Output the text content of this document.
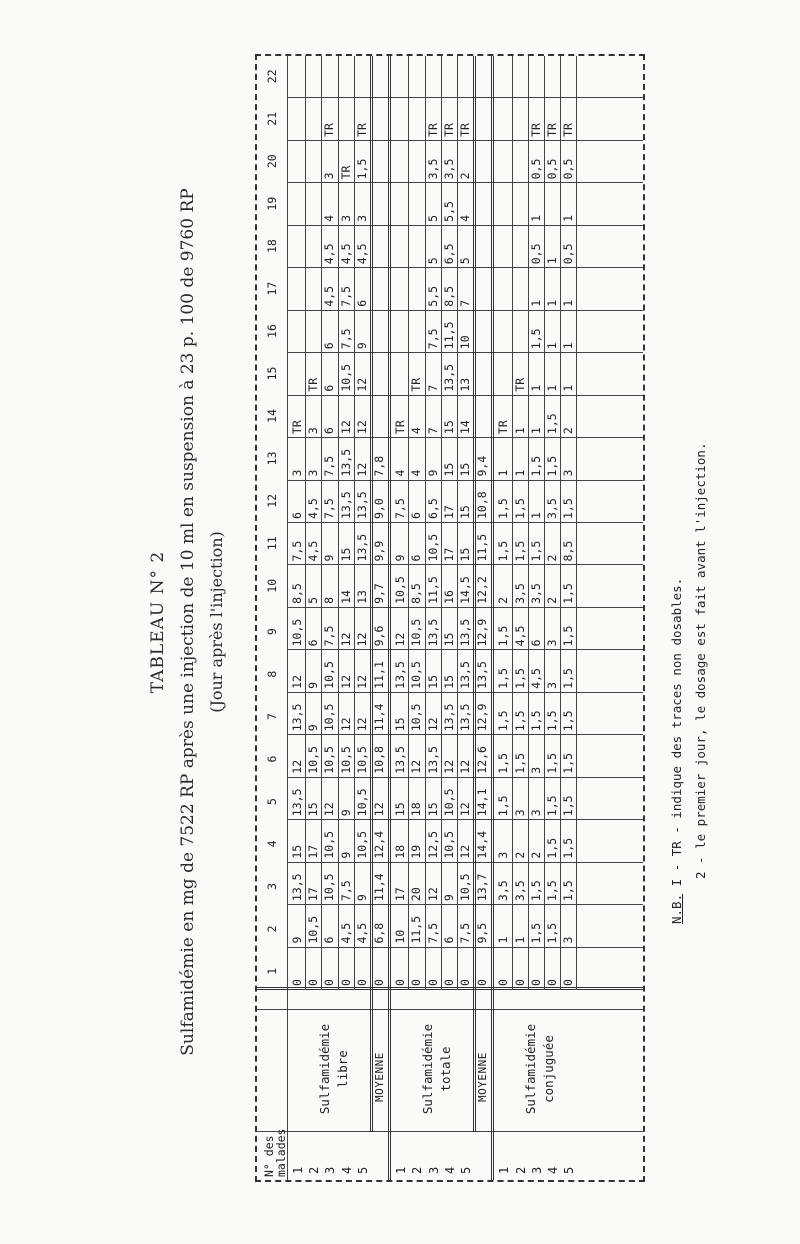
TABLEAU N° 2 Sulfamidémie en mg de 7522 RP après une injection de 10 ml en suspension à 23 p. 100 de 9760 RP (Jour après l'injection)
N° des malades
1
2
3
4
5
6
7
8
9
10
11
12
13
14
15
16
17
18
19
20
21
22
1
0
9
13,5
15
13,5
12
13,5
12
10,5
8,5
7,5
6
3
TR
2
0
10,5
17
17
15
10,5
9
9
6
5
4,5
4,5
3
3
TR
3
0
6
10,5
10,5
12
10,5
10,5
10,5
7,5
8
9
7,5
7,5
6
6
6
4,5
4,5
4
3
TR
4
0
4,5
7,5
9
9
10,5
12
12
12
14
15
13,5
13,5
12
10,5
7,5
7,5
4,5
3
TR
5
0
4,5
9
10,5
10,5
10,5
12
12
12
13
13,5
13,5
12
12
12
9
6
4,5
3
1,5
TR
MOYENNE
0
6,8
11,4
12,4
12
10,8
11,4
11,1
9,6
9,7
9,9
9,0
7,8
Sulfamidémie libre
1
0
10
17
18
15
13,5
15
13,5
12
10,5
9
7,5
4
TR
2
0
11,5
20
19
18
12
10,5
10,5
10,5
8,5
6
6
4
4
TR
3
0
7,5
12
12,5
15
13,5
12
15
13,5
11,5
10,5
6,5
9
7
7
7,5
5,5
5
5
3,5
TR
4
0
6
9
10,5
10,5
12
13,5
15
15
16
17
17
15
15
13,5
11,5
8,5
6,5
5,5
3,5
TR
5
0
7,5
10,5
12
12
12
13,5
13,5
13,5
14,5
15
15
15
14
13
10
7
5
4
2
TR
MOYENNE
0
9,5
13,7
14,4
14,1
12,6
12,9
13,5
12,9
12,2
11,5
10,8
9,4
Sulfamidémie totale
1
0
1
3,5
3
1,5
1,5
1,5
1,5
1,5
2
1,5
1,5
1
TR
2
0
1
3,5
2
3
1,5
1,5
1,5
4,5
3,5
1,5
1,5
1
1
TR
3
0
1,5
1,5
2
3
3
1,5
4,5
6
3,5
1,5
1
1,5
1
1
1,5
1
0,5
1
0,5
TR
4
0
1,5
1,5
1,5
1,5
1,5
1,5
3
3
2
2
3,5
1,5
1,5
1
1
1
1
0,5
TR
5
0
3
1,5
1,5
1,5
1,5
1,5
1,5
1,5
1,5
8,5
1,5
3
2
1
1
1
0,5
1
0,5
TR
Sulfamidémie conjuguée
N.B. I - TR - indique des traces non dosables. 2 - le premier jour, le dosage est fait avant l'injection.
